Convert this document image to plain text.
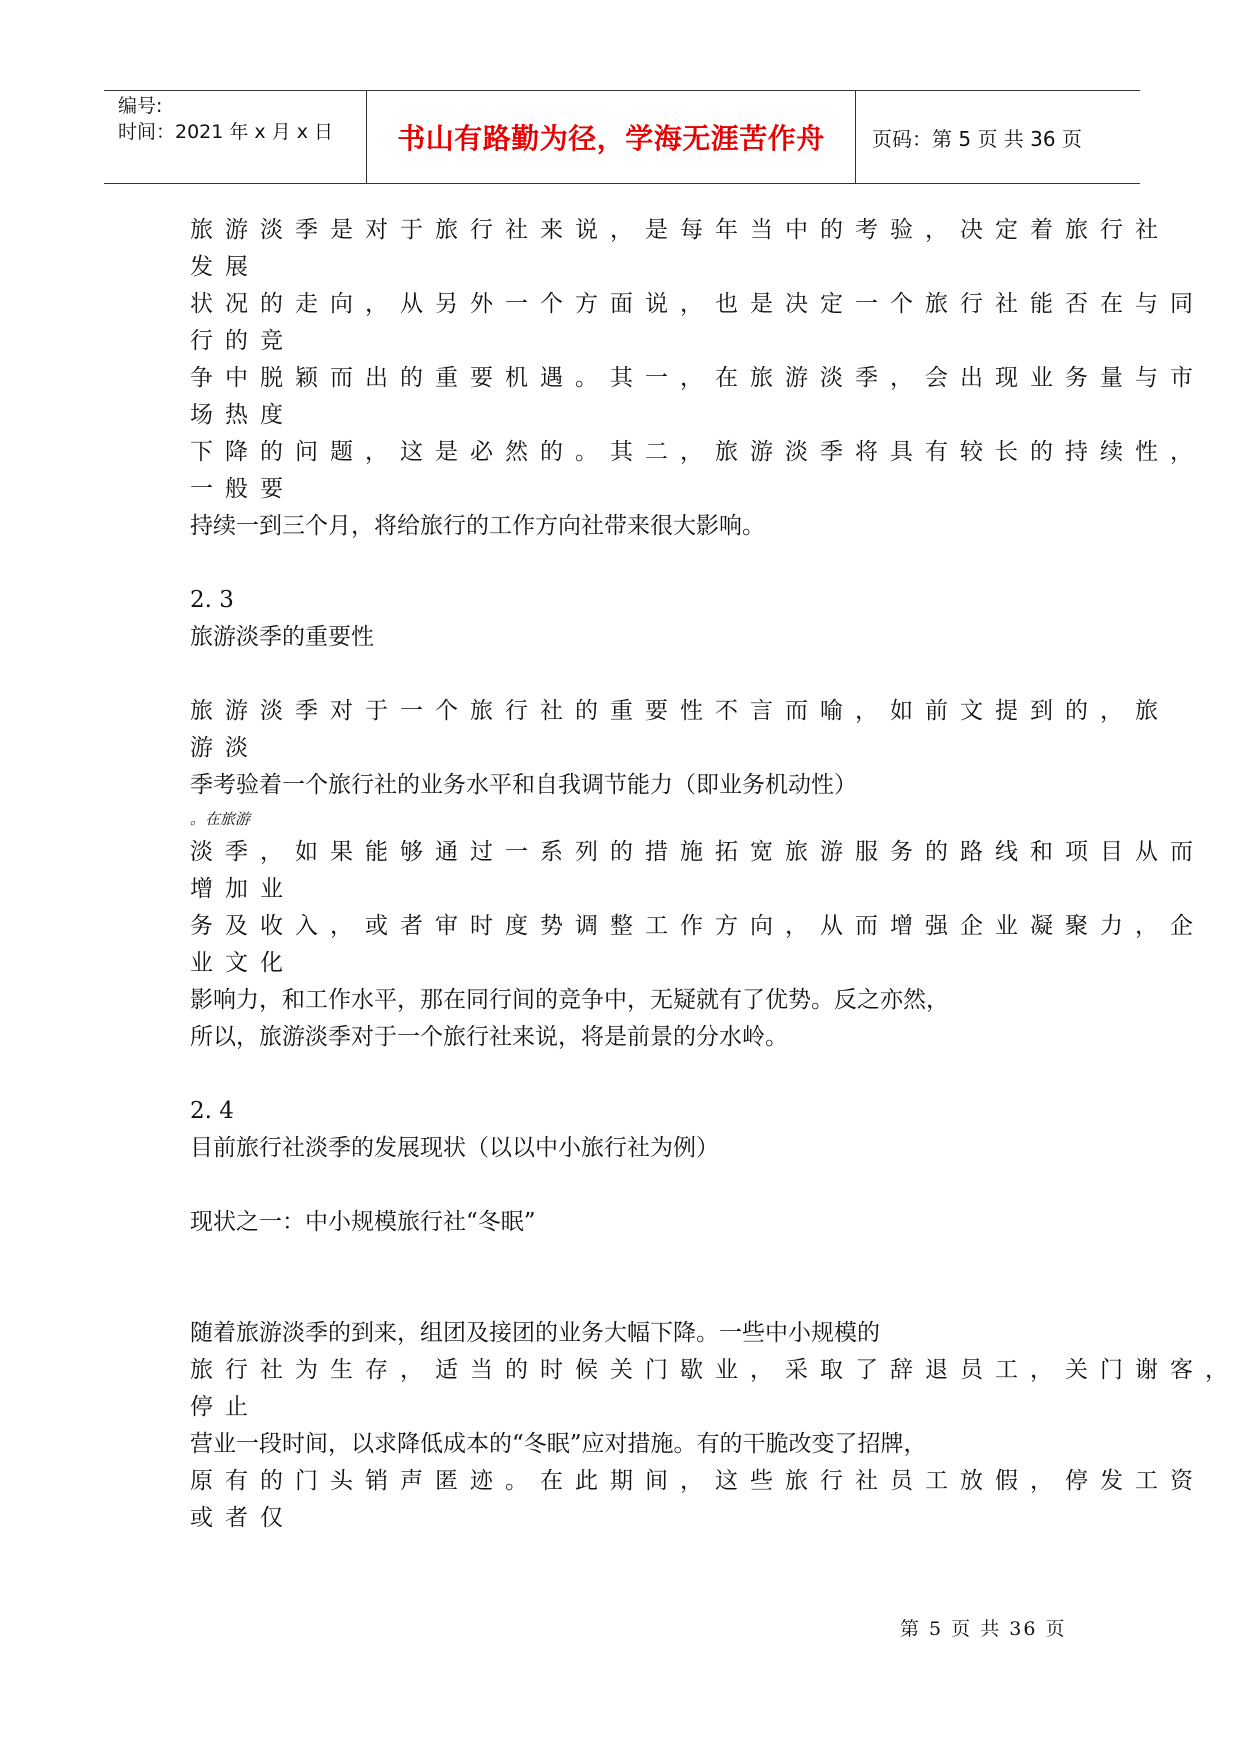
编号:
时间：2021 年 x 月 x 日	书山有路勤为径，学海无涯苦作舟	页码：第 5 页 共 36 页
旅游淡季是对于旅行社来说，是每年当中的考验，决定着旅行社
发展
状况的走向，从另外一个方面说，也是决定一个旅行社能否在与同
行的竞
争中脱颖而出的重要机遇。其一，在旅游淡季，会出现业务量与市
场热度
下降的问题，这是必然的。其二，旅游淡季将具有较长的持续性，
一般要
持续一到三个月，将给旅行的工作方向社带来很大影响。
2. 3
旅游淡季的重要性
旅游淡季对于一个旅行社的重要性不言而喻，如前文提到的，旅
游淡
季考验着一个旅行社的业务水平和自我调节能力（即业务机动性）
。在旅游
淡季，如果能够通过一系列的措施拓宽旅游服务的路线和项目从而
增加业
务及收入，或者审时度势调整工作方向，从而增强企业凝聚力，企
业文化
影响力，和工作水平，那在同行间的竞争中，无疑就有了优势。反之亦然，
所以，旅游淡季对于一个旅行社来说，将是前景的分水岭。
2. 4
目前旅行社淡季的发展现状（以以中小旅行社为例）
现状之一：中小规模旅行社“冬眠”
随着旅游淡季的到来，组团及接团的业务大幅下降。一些中小规模的
旅行社为生存，适当的时候关门歇业，采取了辞退员工，关门谢客，
停止
营业一段时间，以求降低成本的“冬眠”应对措施。有的干脆改变了招牌，
原有的门头销声匿迹。在此期间，这些旅行社员工放假，停发工资
或者仅
第 5 页 共 36 页
